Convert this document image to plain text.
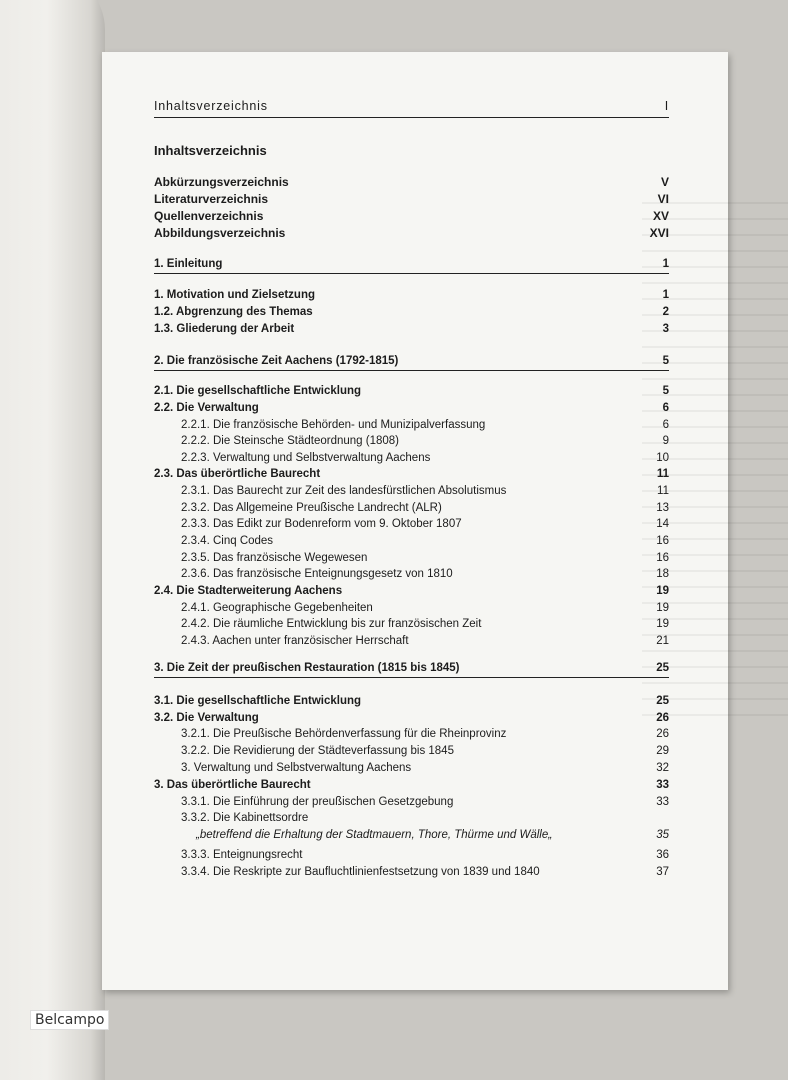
Inhaltsverzeichnis	I
Inhaltsverzeichnis
Abkürzungsverzeichnis	V
Literaturverzeichnis	VI
Quellenverzeichnis	XV
Abbildungsverzeichnis	XVI
1. Einleitung	1
1. Motivation und Zielsetzung	1
1.2. Abgrenzung des Themas	2
1.3. Gliederung der Arbeit	3
2. Die französische Zeit Aachens (1792-1815)	5
2.1. Die gesellschaftliche Entwicklung	5
2.2. Die Verwaltung	6
2.2.1. Die französische Behörden- und Munizipalverfassung	6
2.2.2. Die Steinsche Städteordnung (1808)	9
2.2.3. Verwaltung und Selbstverwaltung Aachens	10
2.3. Das überörtliche Baurecht	11
2.3.1. Das Baurecht zur Zeit des landesfürstlichen Absolutismus	11
2.3.2. Das Allgemeine Preußische Landrecht (ALR)	13
2.3.3. Das Edikt zur Bodenreform vom 9. Oktober 1807	14
2.3.4. Cinq Codes	16
2.3.5. Das französische Wegewesen	16
2.3.6. Das französische Enteignungsgesetz von 1810	18
2.4. Die Stadterweiterung Aachens	19
2.4.1. Geographische Gegebenheiten	19
2.4.2. Die räumliche Entwicklung bis zur französischen Zeit	19
2.4.3. Aachen unter französischer Herrschaft	21
3. Die Zeit der preußischen Restauration (1815 bis 1845)	25
3.1. Die gesellschaftliche Entwicklung	25
3.2. Die Verwaltung	26
3.2.1. Die Preußische Behördenverfassung für die Rheinprovinz	26
3.2.2. Die Revidierung der Städteverfassung bis 1845	29
3. Verwaltung und Selbstverwaltung Aachens	32
3. Das überörtliche Baurecht	33
3.3.1. Die Einführung der preußischen Gesetzgebung	33
3.3.2. Die Kabinettsordre
„betreffend die Erhaltung der Stadtmauern, Thore, Thürme und Wälle„	35
3.3.3. Enteignungsrecht	36
3.3.4. Die Reskripte zur Baufluchtlinienfestsetzung von 1839 und 1840	37
Belcampo
